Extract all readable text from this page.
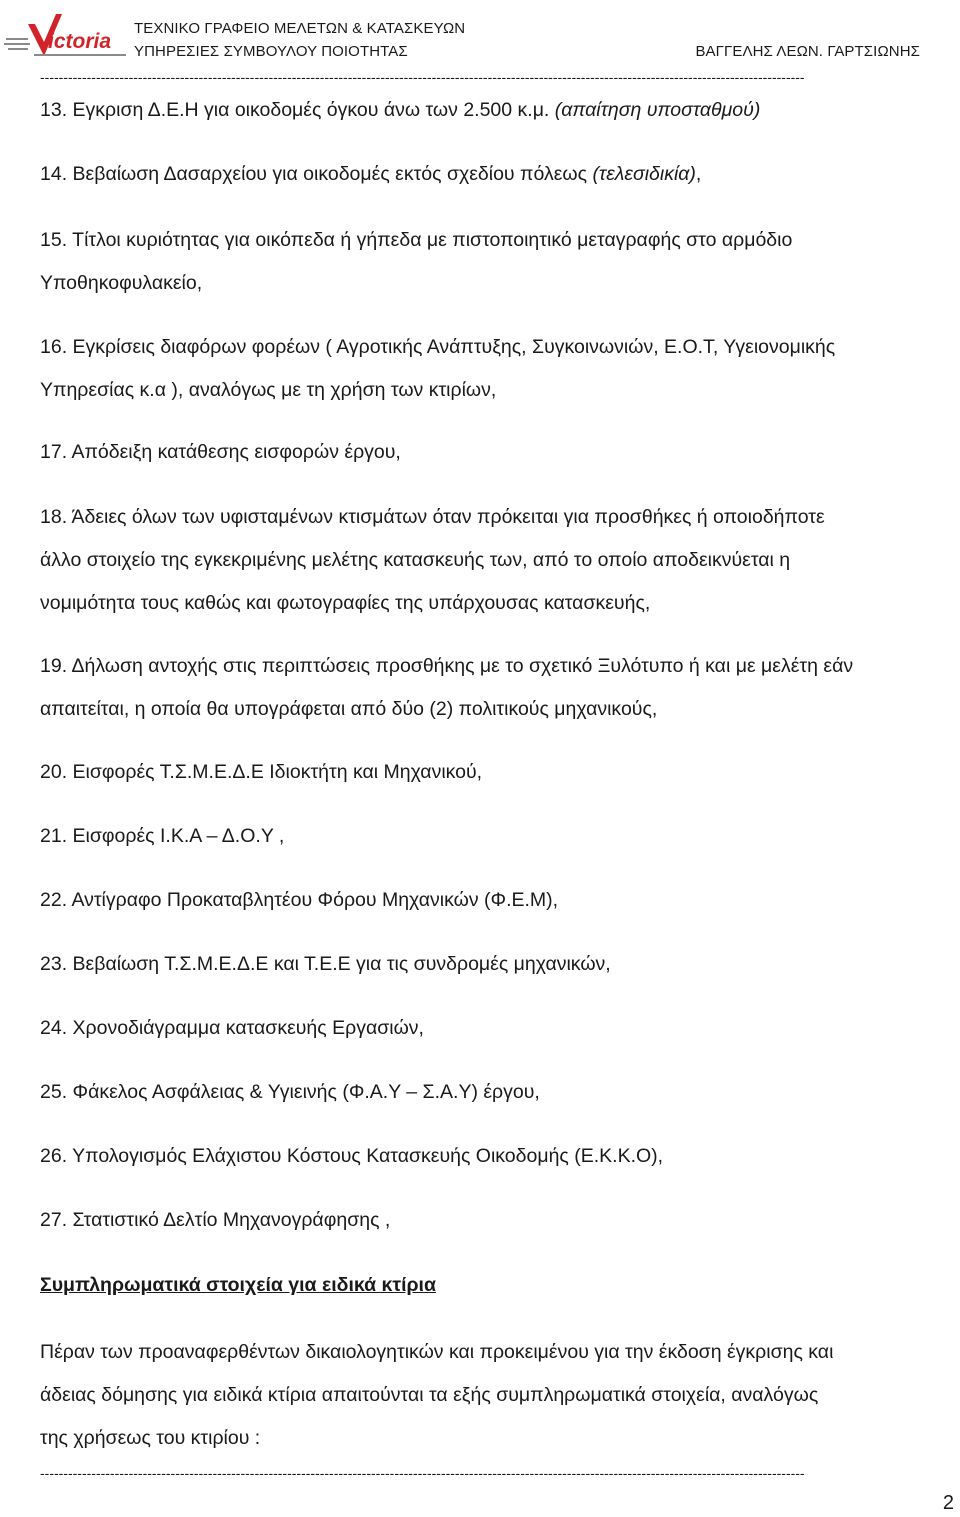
ictoria
ΤΕΧΝΙΚΟ ΓΡΑΦΕΙΟ ΜΕΛΕΤΩΝ & ΚΑΤΑΣΚΕΥΩΝ
ΥΠΗΡΕΣΙΕΣ ΣΥΜΒΟΥΛΟΥ ΠΟΙΟΤΗΤΑΣ	ΒΑΓΓΕΛΗΣ ΛΕΩΝ. ΓΑΡΤΣΙΩΝΗΣ
--------------------------------------------------------------------------------------------------------------------------------------------------------------------

13. Εγκριση Δ.Ε.Η για οικοδομές όγκου άνω των 2.500 κ.μ. (απαίτηση υποσταθμού)

14. Βεβαίωση Δασαρχείου για οικοδομές εκτός σχεδίου πόλεως (τελεσιδικία),

15. Τίτλοι κυριότητας για οικόπεδα ή γήπεδα με πιστοποιητικό μεταγραφής στο αρμόδιο
Υποθηκοφυλακείο,

16. Εγκρίσεις διαφόρων φορέων ( Αγροτικής Ανάπτυξης, Συγκοινωνιών, Ε.Ο.Τ, Υγειονομικής
Υπηρεσίας κ.α ), αναλόγως με τη χρήση των κτιρίων,

17. Απόδειξη κατάθεσης εισφορών έργου,

18. Άδειες όλων των υφισταμένων κτισμάτων όταν πρόκειται για προσθήκες ή οποιοδήποτε
άλλο στοιχείο της εγκεκριμένης μελέτης κατασκευής των, από το οποίο αποδεικνύεται η
νομιμότητα τους καθώς και φωτογραφίες της υπάρχουσας κατασκευής,

19. Δήλωση αντοχής στις περιπτώσεις προσθήκης με το σχετικό Ξυλότυπο ή και με μελέτη εάν
απαιτείται, η οποία θα υπογράφεται από δύο (2) πολιτικούς μηχανικούς,

20. Εισφορές Τ.Σ.Μ.Ε.Δ.Ε Ιδιοκτήτη και Μηχανικού,

21. Εισφορές Ι.Κ.Α – Δ.Ο.Υ ,

22. Αντίγραφο Προκαταβλητέου Φόρου Μηχανικών (Φ.Ε.Μ),

23. Βεβαίωση Τ.Σ.Μ.Ε.Δ.Ε και Τ.Ε.Ε για τις συνδρομές μηχανικών,

24. Χρονοδιάγραμμα κατασκευής Εργασιών,

25. Φάκελος Ασφάλειας & Υγιεινής (Φ.Α.Υ – Σ.Α.Υ) έργου,

26. Υπολογισμός Ελάχιστου Κόστους Κατασκευής Οικοδομής (Ε.Κ.Κ.Ο),

27. Στατιστικό Δελτίο Μηχανογράφησης ,

Συμπληρωματικά στοιχεία για ειδικά κτίρια

Πέραν των προαναφερθέντων δικαιολογητικών και προκειμένου για την έκδοση έγκρισης και
άδειας δόμησης για ειδικά κτίρια απαιτούνται τα εξής συμπληρωματικά στοιχεία, αναλόγως
της χρήσεως του κτιρίου :

--------------------------------------------------------------------------------------------------------------------------------------------------------------------
2
